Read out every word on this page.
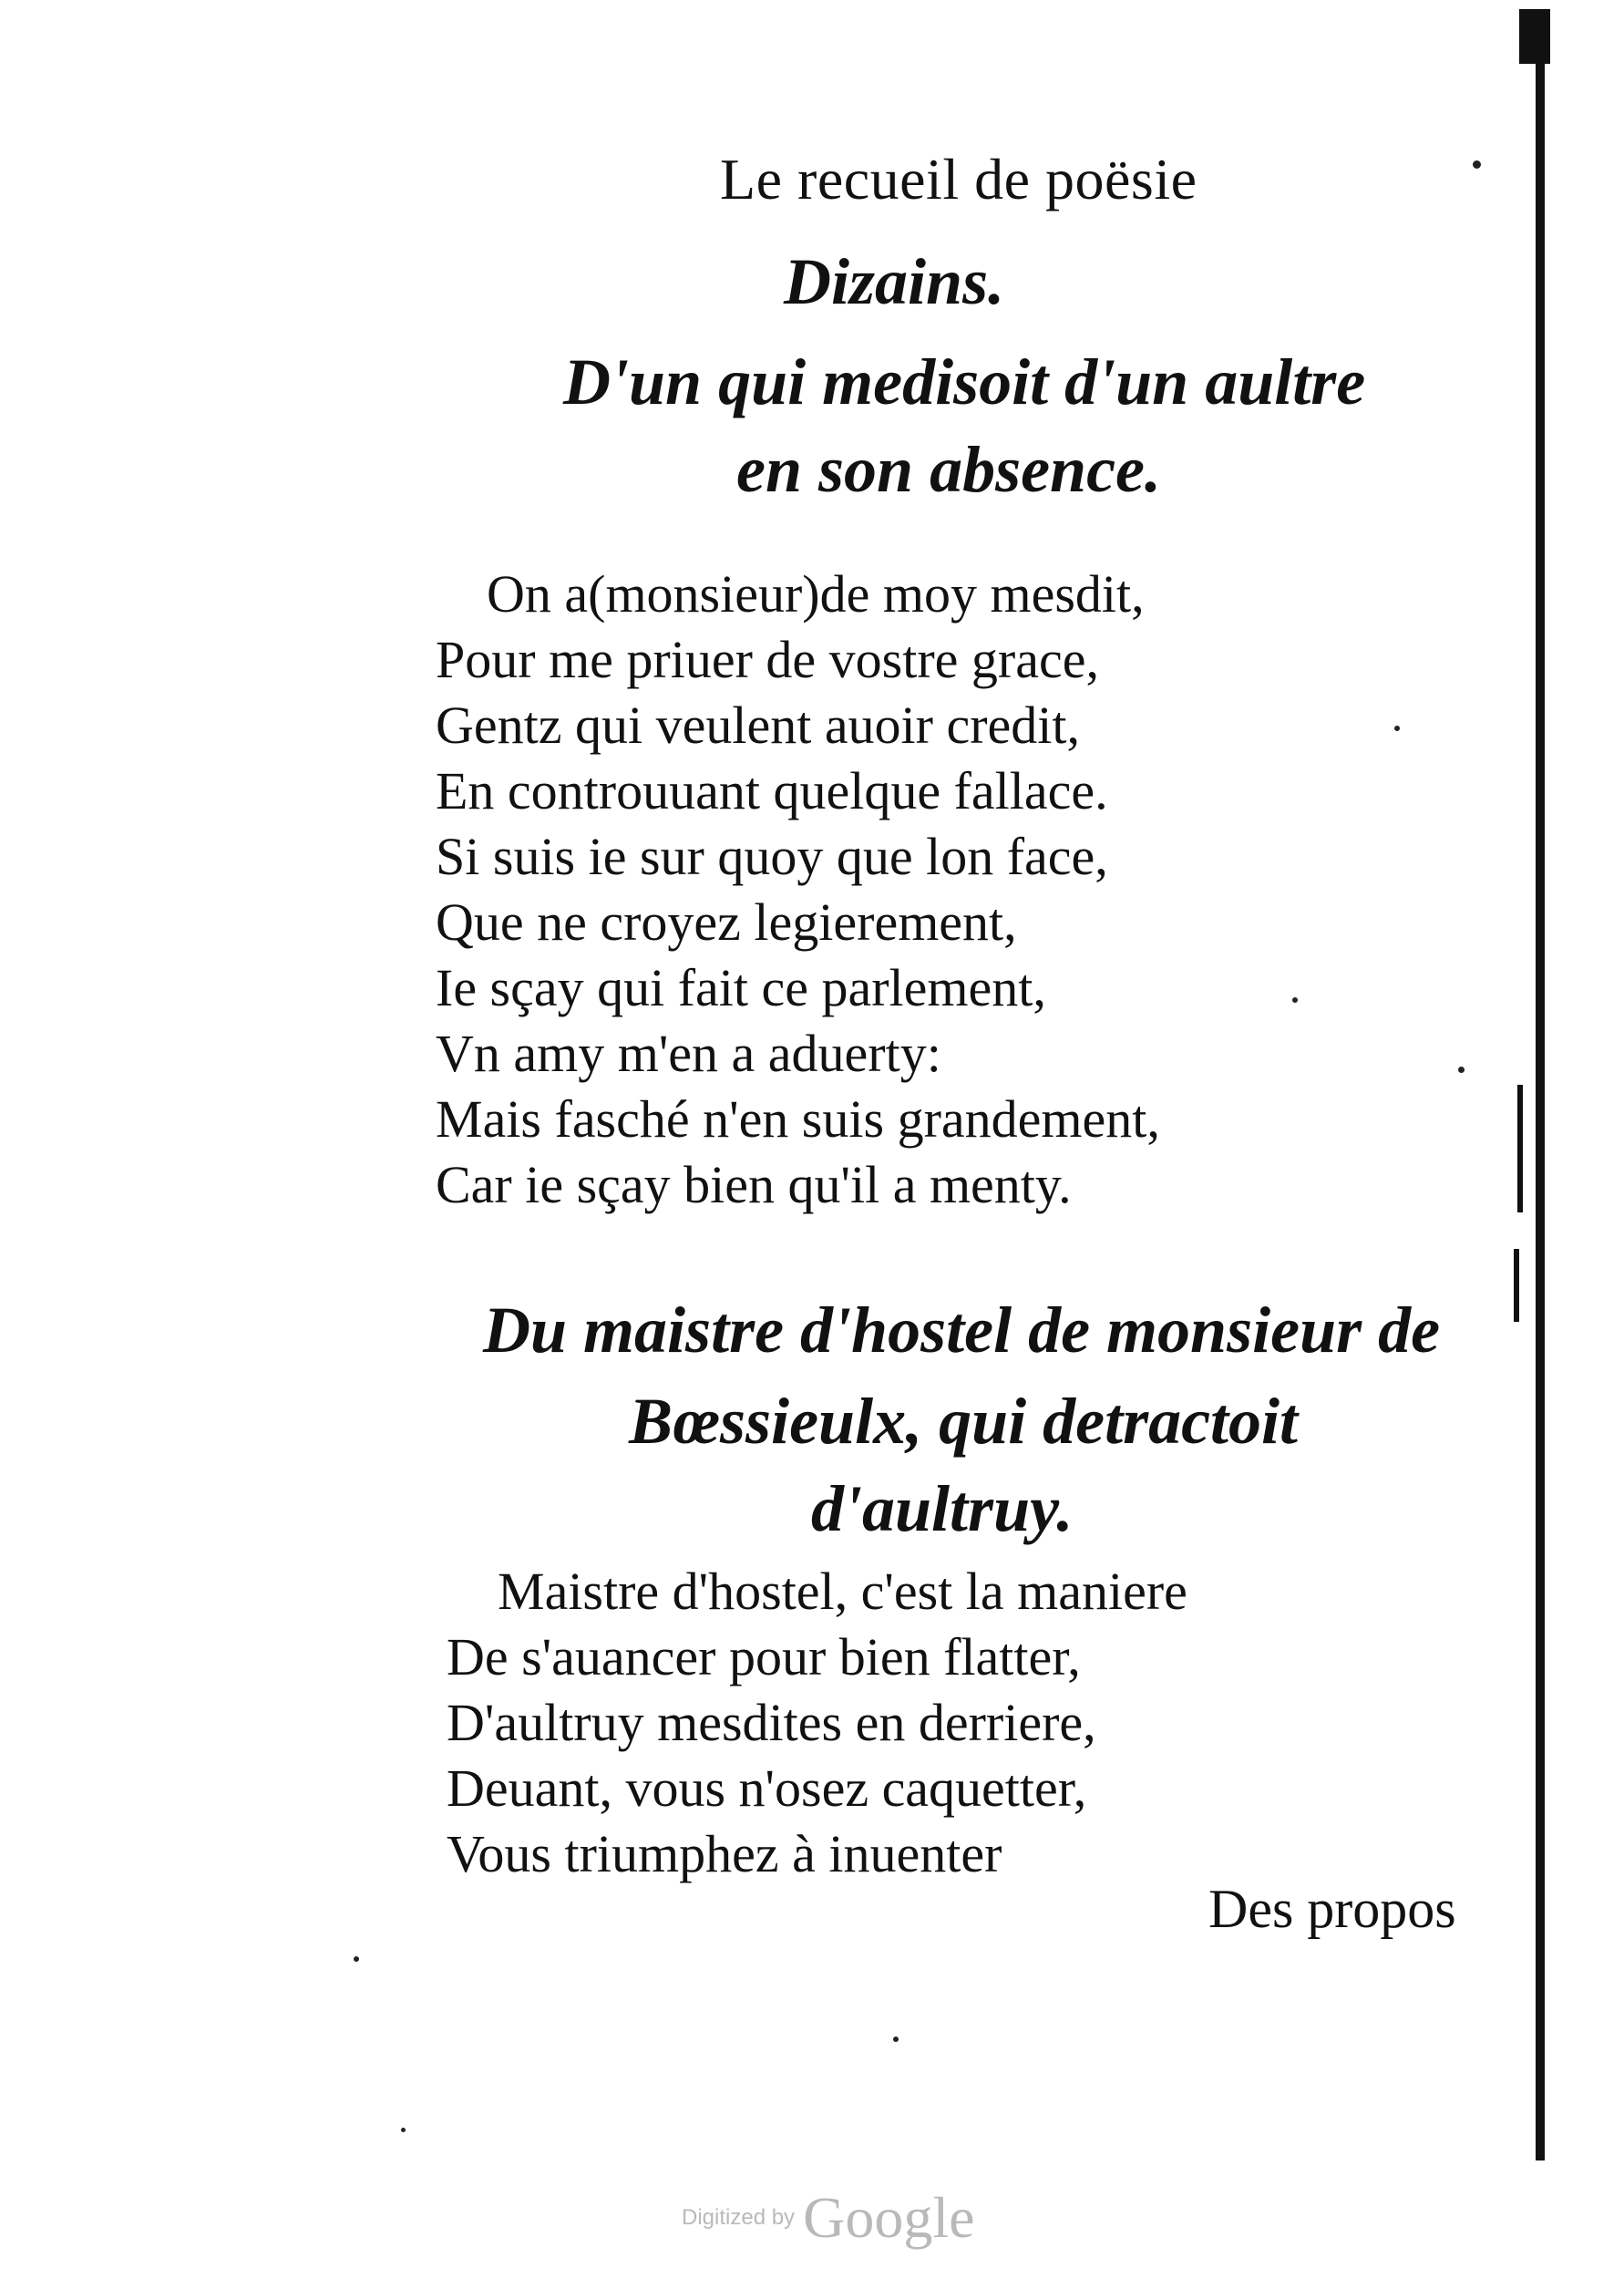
Le recueil de poësie
Dizains.
D'un qui medisoit d'un aultre
en son absence.
On a(monsieur)de moy mesdit,
Pour me priuer de vostre grace,
Gentz qui veulent auoir credit,
En controuuant quelque fallace.
Si suis ie sur quoy que lon face,
Que ne croyez legierement,
Ie sçay qui fait ce parlement,
Vn amy m'en a aduerty:
Mais fasché n'en suis grandement,
Car ie sçay bien qu'il a menty.
Du maistre d'hostel de monsieur de
Bœssieulx, qui detractoit
d'aultruy.
Maistre d'hostel, c'est la maniere
De s'auancer pour bien flatter,
D'aultruy mesdites en derriere,
Deuant, vous n'osez caquetter,
Vous triumphez à inuenter
Des propos
Digitized by Google
